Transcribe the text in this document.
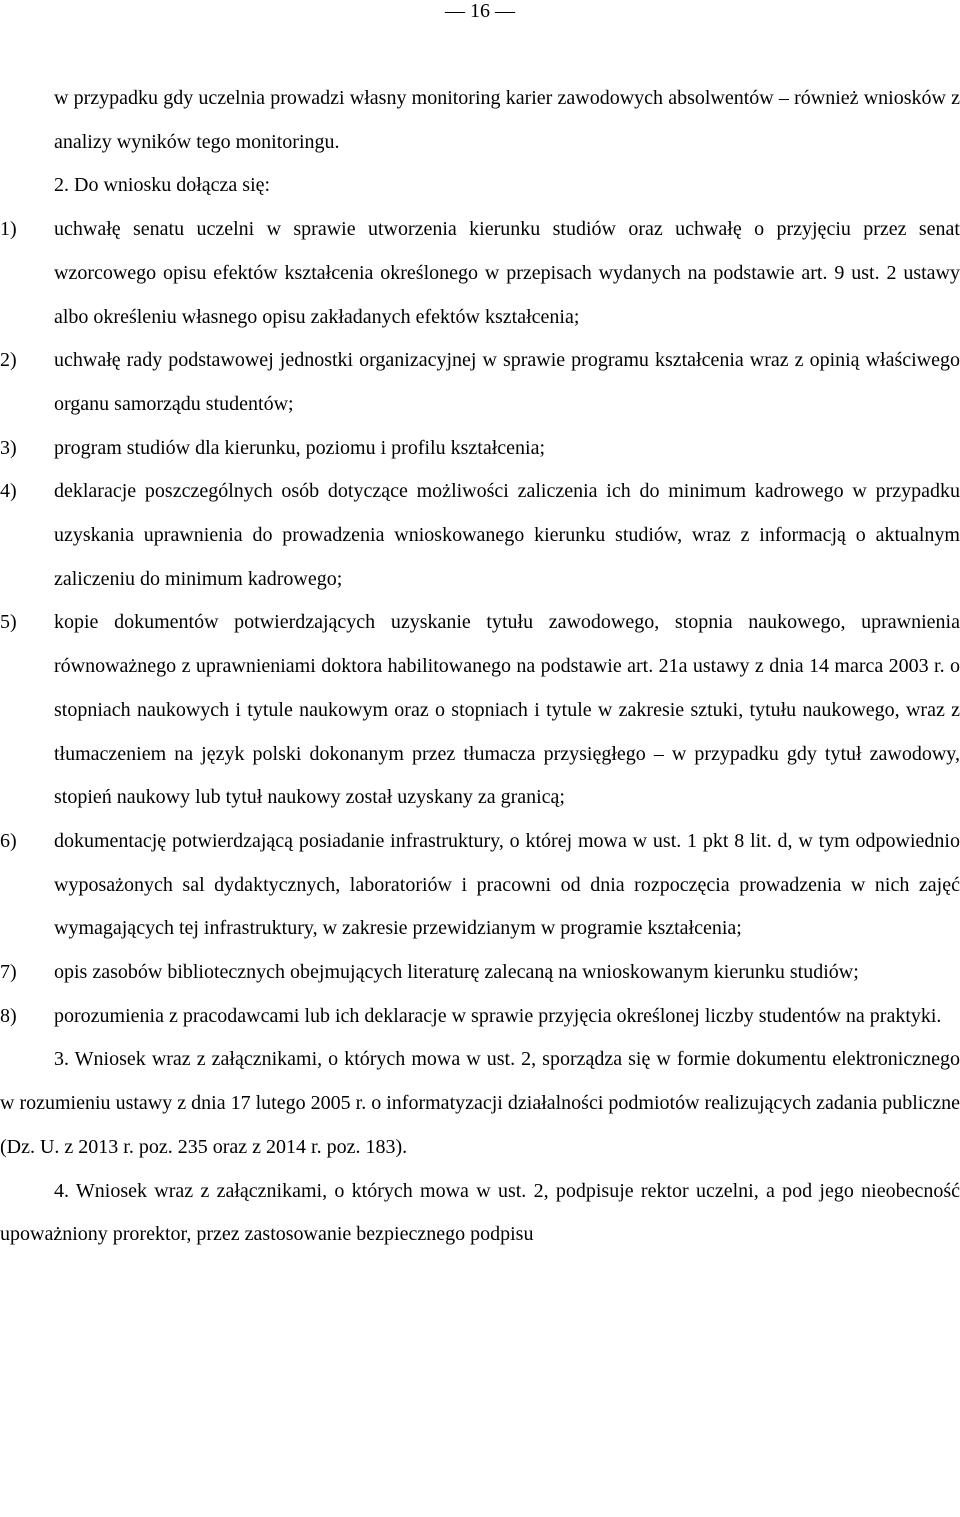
— 16 —

w przypadku gdy uczelnia prowadzi własny monitoring karier zawodowych absolwentów – również wniosków z analizy wyników tego monitoringu.

2. Do wniosku dołącza się:

1) uchwałę senatu uczelni w sprawie utworzenia kierunku studiów oraz uchwałę o przyjęciu przez senat wzorcowego opisu efektów kształcenia określonego w przepisach wydanych na podstawie art. 9 ust. 2 ustawy albo określeniu własnego opisu zakładanych efektów kształcenia;

2) uchwałę rady podstawowej jednostki organizacyjnej w sprawie programu kształcenia wraz z opinią właściwego organu samorządu studentów;

3) program studiów dla kierunku, poziomu i profilu kształcenia;

4) deklaracje poszczególnych osób dotyczące możliwości zaliczenia ich do minimum kadrowego w przypadku uzyskania uprawnienia do prowadzenia wnioskowanego kierunku studiów, wraz z informacją o aktualnym zaliczeniu do minimum kadrowego;

5) kopie dokumentów potwierdzających uzyskanie tytułu zawodowego, stopnia naukowego, uprawnienia równoważnego z uprawnieniami doktora habilitowanego na podstawie art. 21a ustawy z dnia 14 marca 2003 r. o stopniach naukowych i tytule naukowym oraz o stopniach i tytule w zakresie sztuki, tytułu naukowego, wraz z tłumaczeniem na język polski dokonanym przez tłumacza przysięgłego – w przypadku gdy tytuł zawodowy, stopień naukowy lub tytuł naukowy został uzyskany za granicą;

6) dokumentację potwierdzającą posiadanie infrastruktury, o której mowa w ust. 1 pkt 8 lit. d, w tym odpowiednio wyposażonych sal dydaktycznych, laboratoriów i pracowni od dnia rozpoczęcia prowadzenia w nich zajęć wymagających tej infrastruktury, w zakresie przewidzianym w programie kształcenia;

7) opis zasobów bibliotecznych obejmujących literaturę zalecaną na wnioskowanym kierunku studiów;

8) porozumienia z pracodawcami lub ich deklaracje w sprawie przyjęcia określonej liczby studentów na praktyki.

3. Wniosek wraz z załącznikami, o których mowa w ust. 2, sporządza się w formie dokumentu elektronicznego w rozumieniu ustawy z dnia 17 lutego 2005 r. o informatyzacji działalności podmiotów realizujących zadania publiczne (Dz. U. z 2013 r. poz. 235 oraz z 2014 r. poz. 183).

4. Wniosek wraz z załącznikami, o których mowa w ust. 2, podpisuje rektor uczelni, a pod jego nieobecność upoważniony prorektor, przez zastosowanie bezpiecznego podpisu
